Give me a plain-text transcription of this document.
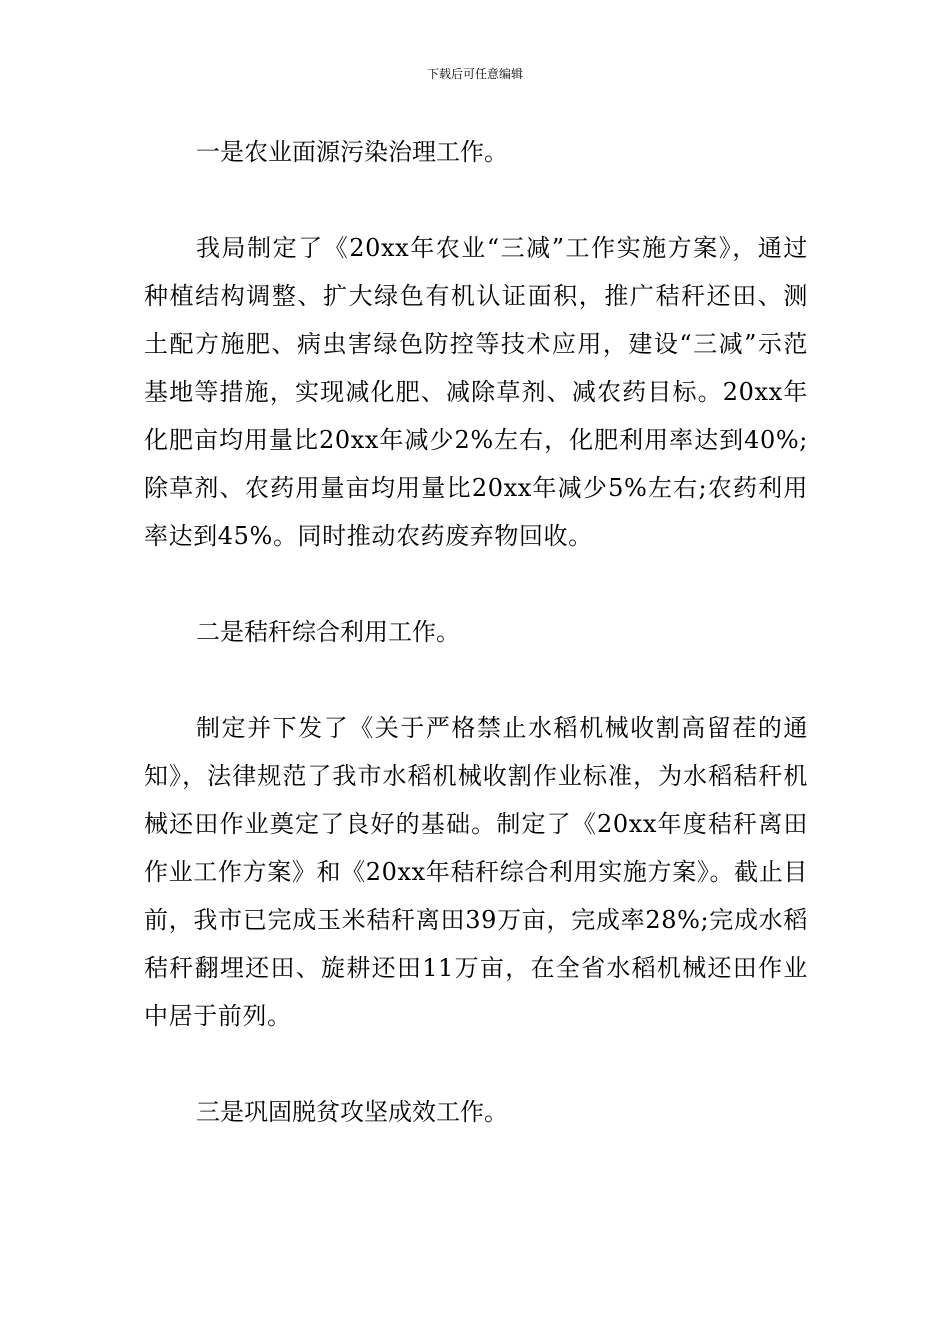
下载后可任意编辑

一是农业面源污染治理工作。

我局制定了《20xx年农业“三减”工作实施方案》，通过种植结构调整、扩大绿色有机认证面积，推广秸秆还田、测土配方施肥、病虫害绿色防控等技术应用，建设“三减”示范基地等措施，实现减化肥、减除草剂、减农药目标。20xx年化肥亩均用量比20xx年减少2%左右，化肥利用率达到40%;除草剂、农药用量亩均用量比20xx年减少5%左右;农药利用率达到45%。同时推动农药废弃物回收。

二是秸秆综合利用工作。

制定并下发了《关于严格禁止水稻机械收割高留茬的通知》，法律规范了我市水稻机械收割作业标准，为水稻秸秆机械还田作业奠定了良好的基础。制定了《20xx年度秸秆离田作业工作方案》和《20xx年秸秆综合利用实施方案》。截止目前，我市已完成玉米秸秆离田39万亩，完成率28%;完成水稻秸秆翻埋还田、旋耕还田11万亩，在全省水稻机械还田作业中居于前列。

三是巩固脱贫攻坚成效工作。
